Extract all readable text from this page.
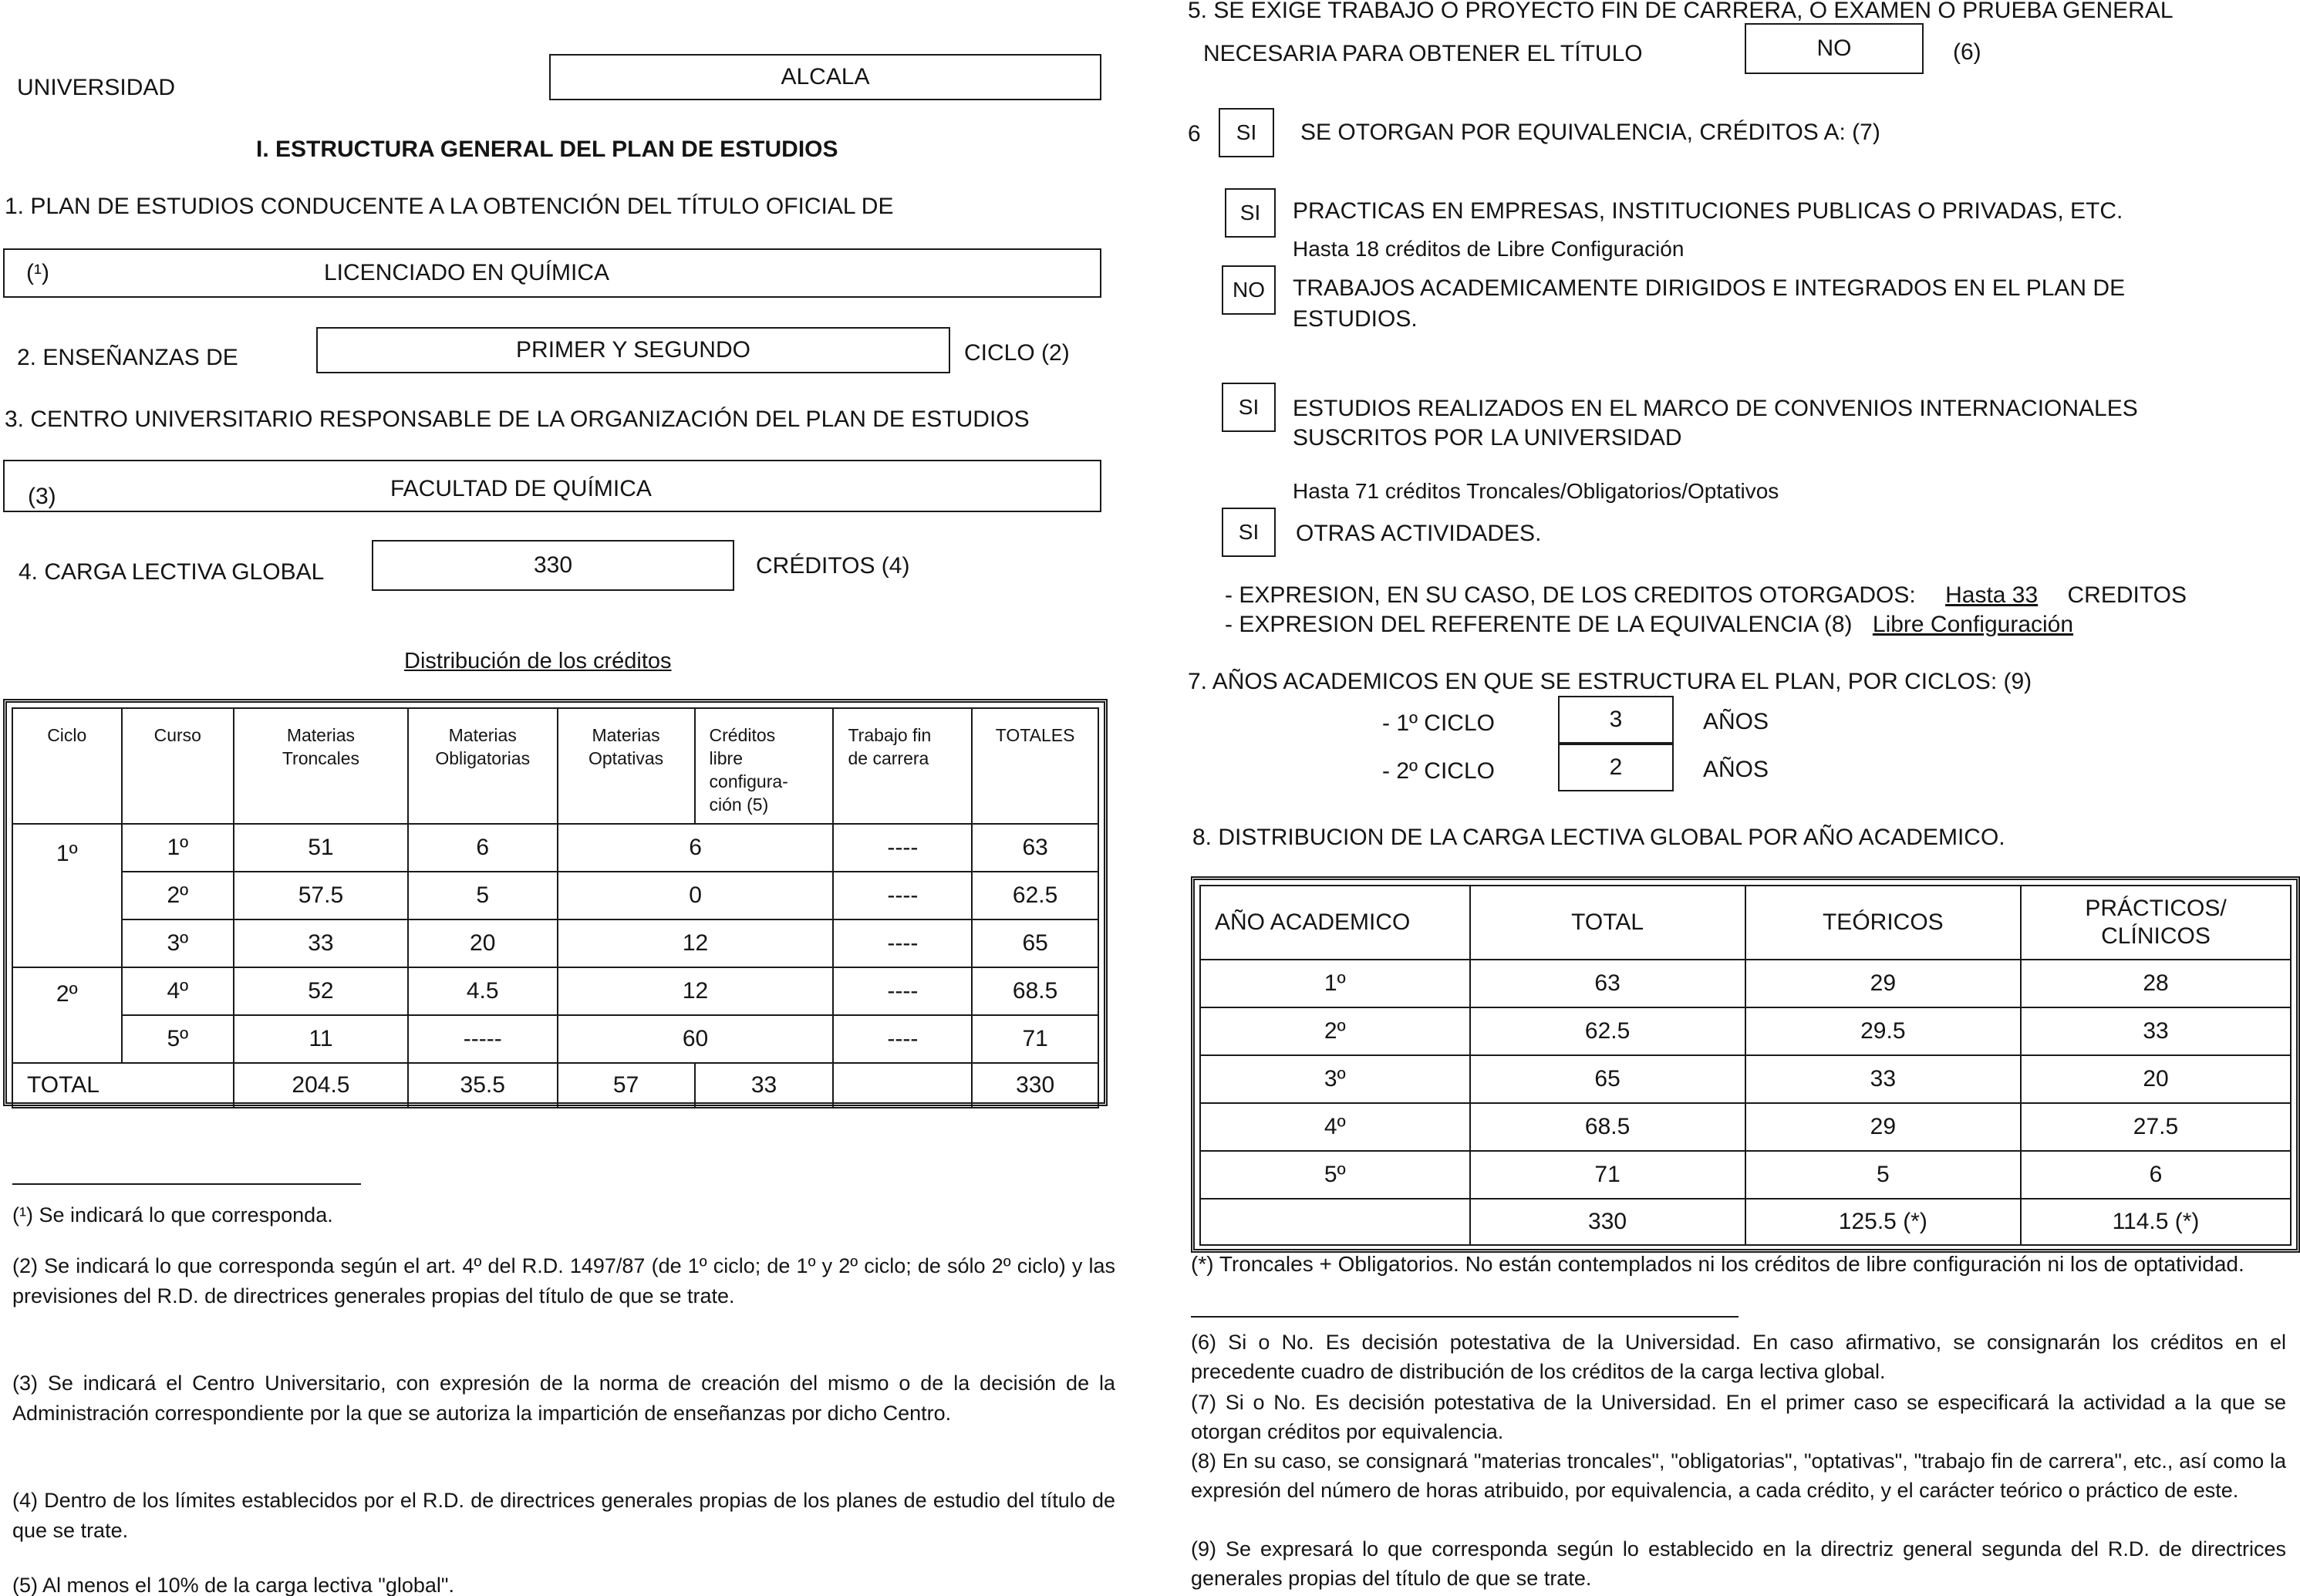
UNIVERSIDAD	ALCALA
I. ESTRUCTURA GENERAL DEL PLAN DE ESTUDIOS
1. PLAN DE ESTUDIOS CONDUCENTE A LA OBTENCIÓN DEL TÍTULO OFICIAL DE
(¹)	LICENCIADO EN QUÍMICA
2. ENSEÑANZAS DE	PRIMER Y SEGUNDO	CICLO (2)
3. CENTRO UNIVERSITARIO RESPONSABLE DE LA ORGANIZACIÓN DEL PLAN DE ESTUDIOS
(3)	FACULTAD DE QUÍMICA
4. CARGA LECTIVA GLOBAL	330	CRÉDITOS (4)
Distribución de los créditos
Ciclo	Curso	Materias Troncales	Materias Obligatorias	Materias Optativas	Créditos libre configura- ción (5)	Trabajo fin de carrera	TOTALES
1º	1º	51	6	6		----	63
	2º	57.5	5	0		----	62.5
	3º	33	20	12		----	65
2º	4º	52	4.5	12		----	68.5
	5º	11	-----	60		----	71
TOTAL		204.5	35.5	57	33		330
(¹) Se indicará lo que corresponda.
(2) Se indicará lo que corresponda según el art. 4º del R.D. 1497/87 (de 1º ciclo; de 1º y 2º ciclo; de sólo 2º ciclo) y las previsiones del R.D. de directrices generales propias del título de que se trate.
(3) Se indicará el Centro Universitario, con expresión de la norma de creación del mismo o de la decisión de la Administración correspondiente por la que se autoriza la impartición de enseñanzas por dicho Centro.
(4) Dentro de los límites establecidos por el R.D. de directrices generales propias de los planes de estudio del título de que se trate.
(5) Al menos el 10% de la carga lectiva "global".
5. SE EXIGE TRABAJO O PROYECTO FIN DE CARRERA, O EXAMEN O PRUEBA GENERAL
NECESARIA PARA OBTENER EL TÍTULO	NO	(6)
6 SI SE OTORGAN POR EQUIVALENCIA, CRÉDITOS A: (7)
SI PRACTICAS EN EMPRESAS, INSTITUCIONES PUBLICAS O PRIVADAS, ETC.
Hasta 18 créditos de Libre Configuración
NO TRABAJOS ACADEMICAMENTE DIRIGIDOS E INTEGRADOS EN EL PLAN DE
ESTUDIOS.
SI ESTUDIOS REALIZADOS EN EL MARCO DE CONVENIOS INTERNACIONALES
SUSCRITOS POR LA UNIVERSIDAD
Hasta 71 créditos Troncales/Obligatorios/Optativos
SI OTRAS ACTIVIDADES.
- EXPRESION, EN SU CASO, DE LOS CREDITOS OTORGADOS: Hasta 33 CREDITOS
- EXPRESION DEL REFERENTE DE LA EQUIVALENCIA (8) Libre Configuración
7. AÑOS ACADEMICOS EN QUE SE ESTRUCTURA EL PLAN, POR CICLOS: (9)
- 1º CICLO	3	AÑOS
- 2º CICLO	2	AÑOS
8. DISTRIBUCION DE LA CARGA LECTIVA GLOBAL POR AÑO ACADEMICO.
AÑO ACADEMICO	TOTAL	TEÓRICOS	PRÁCTICOS/ CLÍNICOS
1º	63	29	28
2º	62.5	29.5	33
3º	65	33	20
4º	68.5	29	27.5
5º	71	5	6
	330	125.5 (*)	114.5 (*)
(*) Troncales + Obligatorios. No están contemplados ni los créditos de libre configuración ni los de optatividad.
(6) Si o No. Es decisión potestativa de la Universidad. En caso afirmativo, se consignarán los créditos en el precedente cuadro de distribución de los créditos de la carga lectiva global.
(7) Si o No. Es decisión potestativa de la Universidad. En el primer caso se especificará la actividad a la que se otorgan créditos por equivalencia.
(8) En su caso, se consignará "materias troncales", "obligatorias", "optativas", "trabajo fin de carrera", etc., así como la expresión del número de horas atribuido, por equivalencia, a cada crédito, y el carácter teórico o práctico de este.
(9) Se expresará lo que corresponda según lo establecido en la directriz general segunda del R.D. de directrices generales propias del título de que se trate.
